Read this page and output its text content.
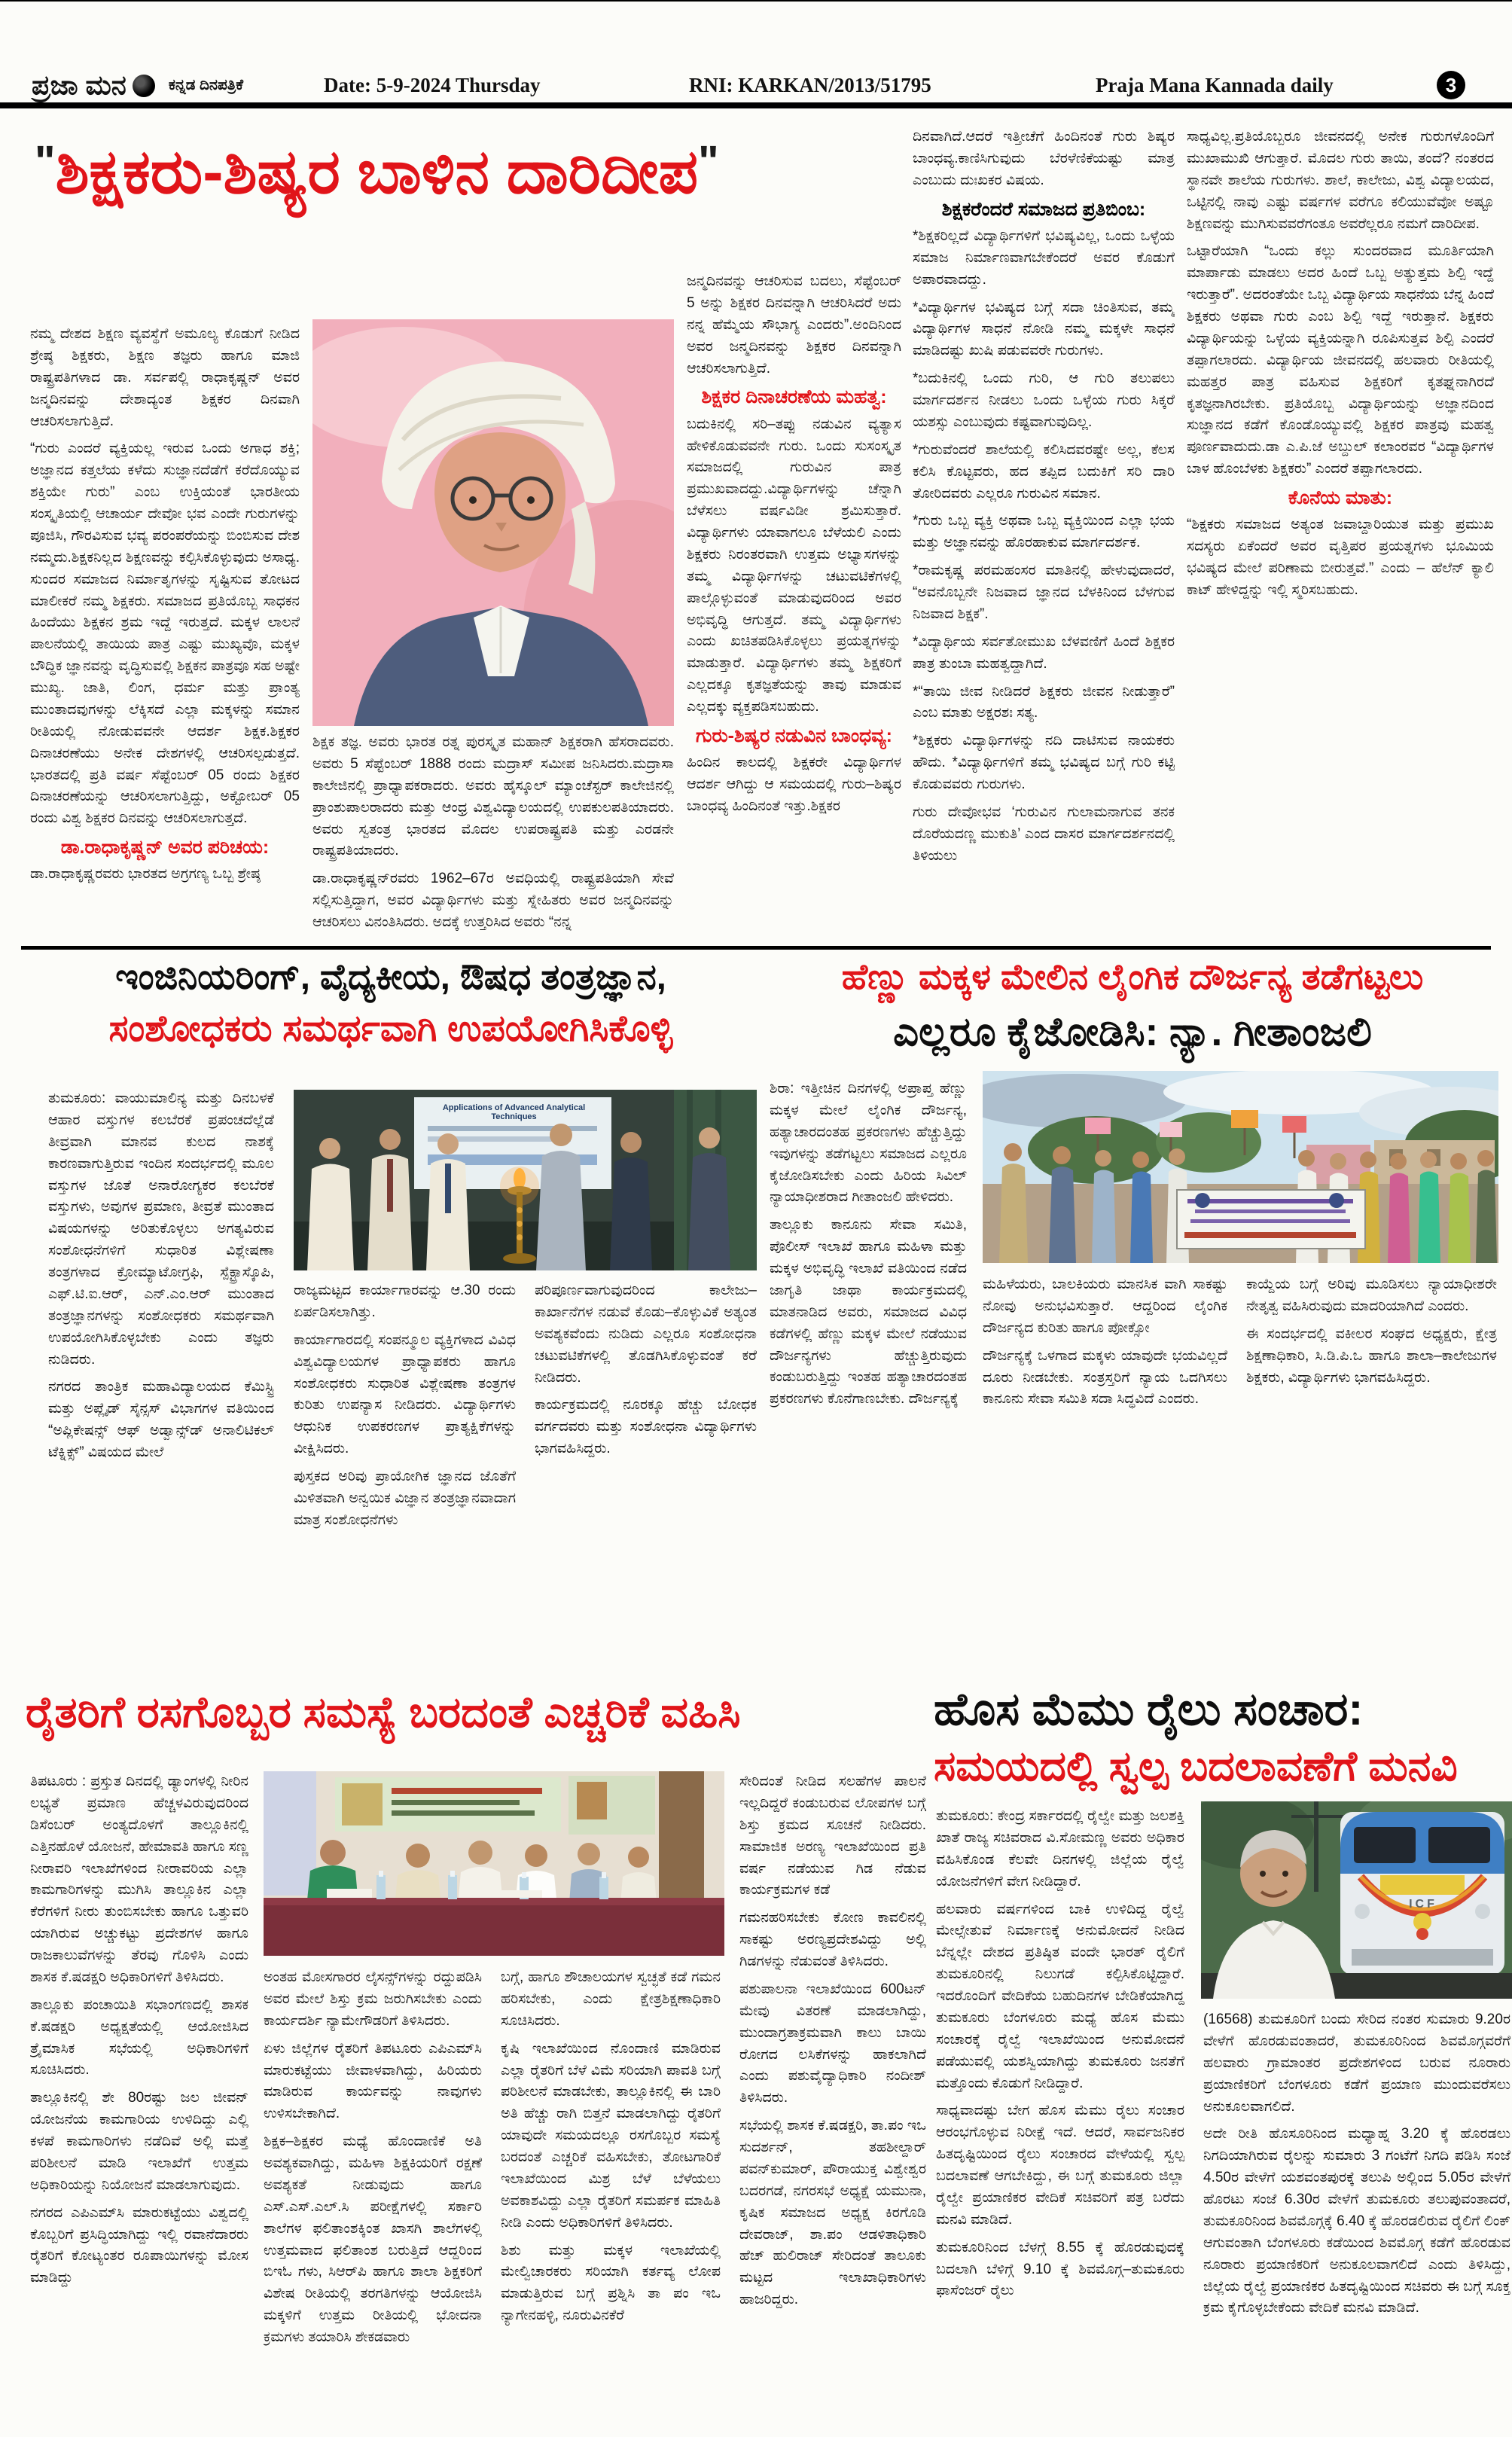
ಪ್ರಜಾ ಮನ	ಕನ್ನಡ ದಿನಪತ್ರಿಕೆ	Date: 5-9-2024 Thursday	RNI: KARKAN/2013/51795	Praja Mana Kannada daily	3
"ಶಿಕ್ಷಕರು-ಶಿಷ್ಯರ ಬಾಳಿನ ದಾರಿದೀಪ"

ನಮ್ಮ ದೇಶದ ಶಿಕ್ಷಣ ವ್ಯವಸ್ಥೆಗೆ ಅಮೂಲ್ಯ ಕೊಡುಗೆ ನೀಡಿದ ಶ್ರೇಷ್ಠ ಶಿಕ್ಷಕರು, ಶಿಕ್ಷಣ ತಜ್ಞರು ಹಾಗೂ ಮಾಜಿ ರಾಷ್ಟ್ರಪತಿಗಳಾದ ಡಾ. ಸರ್ವಪಲ್ಲಿ ರಾಧಾಕೃಷ್ಣನ್ ಅವರ ಜನ್ಮದಿನವನ್ನು ದೇಶಾದ್ಯಂತ ಶಿಕ್ಷಕರ ದಿನವಾಗಿ ಆಚರಿಸಲಾಗುತ್ತಿದೆ.

“ಗುರು ಎಂದರೆ ವ್ಯಕ್ತಿಯಲ್ಲ ಇರುವ ಒಂದು ಅಗಾಧ ಶಕ್ತಿ; ಅಜ್ಞಾನದ ಕತ್ತಲೆಯ ಕಳೆದು ಸುಜ್ಞಾನದೆಡೆಗೆ ಕರೆದೊಯ್ಯುವ ಶಕ್ತಿಯೇ ಗುರು” ಎಂಬ ಉಕ್ತಿಯಂತೆ ಭಾರತೀಯ ಸಂಸ್ಕೃತಿಯಲ್ಲಿ ಆಚಾರ್ಯ ದೇವೋ ಭವ ಎಂದೇ ಗುರುಗಳನ್ನು ಪೂಜಿಸಿ, ಗೌರವಿಸುವ ಭವ್ಯ ಪರಂಪರೆಯನ್ನು ಬಿಂಬಿಸುವ ದೇಶ ನಮ್ಮದು.ಶಿಕ್ಷಕನಿಲ್ಲದ ಶಿಕ್ಷಣವನ್ನು ಕಲ್ಪಿಸಿಕೊಳ್ಳುವುದು ಅಸಾಧ್ಯ. ಸುಂದರ ಸಮಾಜದ ನಿರ್ಮಾತೃಗಳನ್ನು ಸೃಷ್ಟಿಸುವ ತೋಟದ ಮಾಲೀಕರೆ ನಮ್ಮ ಶಿಕ್ಷಕರು. ಸಮಾಜದ ಪ್ರತಿಯೊಬ್ಬ ಸಾಧಕನ ಹಿಂದೆಯು ಶಿಕ್ಷಕನ ಶ್ರಮ ಇದ್ದೆ ಇರುತ್ತದೆ. ಮಕ್ಕಳ ಲಾಲನೆ ಪಾಲನೆಯಲ್ಲಿ ತಾಯಿಯ ಪಾತ್ರ ಎಷ್ಟು ಮುಖ್ಯವೊ, ಮಕ್ಕಳ ಬೌದ್ಧಿಕ ಜ್ಞಾನವನ್ನು ವೃದ್ಧಿಸುವಲ್ಲಿ ಶಿಕ್ಷಕನ ಪಾತ್ರವೂ ಸಹ ಅಷ್ಟೇ ಮುಖ್ಯ. ಜಾತಿ, ಲಿಂಗ, ಧರ್ಮ ಮತ್ತು ಪ್ರಾಂತ್ಯ ಮುಂತಾದವುಗಳನ್ನು ಲೆಕ್ಕಿಸದೆ ಎಲ್ಲಾ ಮಕ್ಕಳನ್ನು ಸಮಾನ ರೀತಿಯಲ್ಲಿ ನೋಡುವವನೇ ಆದರ್ಶ ಶಿಕ್ಷಕ.ಶಿಕ್ಷಕರ ದಿನಾಚರಣೆಯು ಅನೇಕ ದೇಶಗಳಲ್ಲಿ ಆಚರಿಸಲ್ಪಡುತ್ತದೆ. ಭಾರತದಲ್ಲಿ ಪ್ರತಿ ವರ್ಷ ಸೆಪ್ಟೆಂಬರ್ 05 ರಂದು ಶಿಕ್ಷಕರ ದಿನಾಚರಣೆಯನ್ನು ಆಚರಿಸಲಾಗುತ್ತಿದ್ದು, ಅಕ್ಟೋಬರ್ 05 ರಂದು ವಿಶ್ವ ಶಿಕ್ಷಕರ ದಿನವನ್ನು ಆಚರಿಸಲಾಗುತ್ತದೆ.

ಡಾ.ರಾಧಾಕೃಷ್ಣನ್ ಅವರ ಪರಿಚಯ:

ಡಾ.ರಾಧಾಕೃಷ್ಣರವರು ಭಾರತದ ಅಗ್ರಗಣ್ಯ ಒಬ್ಬ ಶ್ರೇಷ್ಠ

ಶಿಕ್ಷಕ ತಜ್ಞ. ಅವರು ಭಾರತ ರತ್ನ ಪುರಸ್ಕೃತ ಮಹಾನ್ ಶಿಕ್ಷಕರಾಗಿ ಹೆಸರಾದವರು. ಅವರು 5 ಸೆಪ್ಟೆಂಬರ್ 1888 ರಂದು ಮದ್ರಾಸ್ ಸಮೀಪ ಜನಿಸಿದರು.ಮದ್ರಾಸಾ ಕಾಲೇಜಿನಲ್ಲಿ ಪ್ರಾಧ್ಯಾಪಕರಾದರು. ಅವರು ಹೈಸ್ಕೂಲ್ ಮ್ಯಾಂಚೆಸ್ಟರ್ ಕಾಲೇಜಿನಲ್ಲಿ ಪ್ರಾಂಶುಪಾಲರಾದರು ಮತ್ತು ಆಂಧ್ರ ವಿಶ್ವವಿದ್ಯಾಲಯದಲ್ಲಿ ಉಪಕುಲಪತಿಯಾದರು. ಅವರು ಸ್ವತಂತ್ರ ಭಾರತದ ಮೊದಲ ಉಪರಾಷ್ಟ್ರಪತಿ ಮತ್ತು ಎರಡನೇ ರಾಷ್ಟ್ರಪತಿಯಾದರು.

ಡಾ.ರಾಧಾಕೃಷ್ಣನ್‌ರವರು 1962–67ರ ಅವಧಿಯಲ್ಲಿ ರಾಷ್ಟ್ರಪತಿಯಾಗಿ ಸೇವೆ ಸಲ್ಲಿಸುತ್ತಿದ್ದಾಗ, ಅವರ ವಿದ್ಯಾರ್ಥಿಗಳು ಮತ್ತು ಸ್ನೇಹಿತರು ಅವರ ಜನ್ಮದಿನವನ್ನು ಆಚರಿಸಲು ವಿನಂತಿಸಿದರು. ಅದಕ್ಕೆ ಉತ್ತರಿಸಿದ ಅವರು “ನನ್ನ

ಜನ್ಮದಿನವನ್ನು ಆಚರಿಸುವ ಬದಲು, ಸೆಪ್ಟೆಂಬರ್ 5 ಅನ್ನು ಶಿಕ್ಷಕರ ದಿನವನ್ನಾಗಿ ಆಚರಿಸಿದರೆ ಅದು ನನ್ನ ಹೆಮ್ಮೆಯ ಸೌಭಾಗ್ಯ ಎಂದರು”.ಅಂದಿನಿಂದ ಅವರ ಜನ್ಮದಿನವನ್ನು ಶಿಕ್ಷಕರ ದಿನವನ್ನಾಗಿ ಆಚರಿಸಲಾಗುತ್ತಿದೆ.

ಶಿಕ್ಷಕರ ದಿನಾಚರಣೆಯ ಮಹತ್ವ:

ಬದುಕಿನಲ್ಲಿ ಸರಿ–ತಪ್ಪು ನಡುವಿನ ವ್ಯತ್ಯಾಸ ಹೇಳಿಕೊಡುವವನೇ ಗುರು. ಒಂದು ಸುಸಂಸ್ಕೃತ ಸಮಾಜದಲ್ಲಿ ಗುರುವಿನ ಪಾತ್ರ ಪ್ರಮುಖವಾದದ್ದು.ವಿದ್ಯಾರ್ಥಿಗಳನ್ನು ಚೆನ್ನಾಗಿ ಬೆಳೆಸಲು ವರ್ಷವಿಡೀ ಶ್ರಮಿಸುತ್ತಾರೆ. ವಿದ್ಯಾರ್ಥಿಗಳು ಯಾವಾಗಲೂ ಬೆಳೆಯಲಿ ಎಂದು ಶಿಕ್ಷಕರು ನಿರಂತರವಾಗಿ ಉತ್ತಮ ಅಭ್ಯಾಸಗಳನ್ನು ತಮ್ಮ ವಿದ್ಯಾರ್ಥಿಗಳನ್ನು ಚಟುವಟಿಕೆಗಳಲ್ಲಿ ಪಾಲ್ಗೊಳ್ಳುವಂತೆ ಮಾಡುವುದರಿಂದ ಅವರ ಅಭಿವೃದ್ಧಿ ಆಗುತ್ತದೆ. ತಮ್ಮ ವಿದ್ಯಾರ್ಥಿಗಳು ಎಂದು ಖಚಿತಪಡಿಸಿಕೊಳ್ಳಲು ಪ್ರಯತ್ನಗಳನ್ನು ಮಾಡುತ್ತಾರೆ. ವಿದ್ಯಾರ್ಥಿಗಳು ತಮ್ಮ ಶಿಕ್ಷಕರಿಗೆ ಎಲ್ಲದಕ್ಕೂ ಕೃತಜ್ಞತೆಯನ್ನು ತಾವು ಮಾಡುವ ಎಲ್ಲದಕ್ಕು ವ್ಯಕ್ತಪಡಿಸಬಹುದು.

ಗುರು-ಶಿಷ್ಯರ ನಡುವಿನ ಬಾಂಧವ್ಯ:

ಹಿಂದಿನ ಕಾಲದಲ್ಲಿ ಶಿಕ್ಷಕರೇ ವಿದ್ಯಾರ್ಥಿಗಳ ಆದರ್ಶ ಆಗಿದ್ದು ಆ ಸಮಯದಲ್ಲಿ ಗುರು–ಶಿಷ್ಯರ ಬಾಂಧವ್ಯ ಹಿಂದಿನಂತೆ ಇತ್ತು.ಶಿಕ್ಷಕರ

ದಿನವಾಗಿದೆ.ಆದರೆ ಇತ್ತೀಚೆಗೆ ಹಿಂದಿನಂತೆ ಗುರು ಶಿಷ್ಯರ ಬಾಂಧವ್ಯ.ಕಾಣಿಸಿಗುವುದು ಬೆರಳೆಣಿಕೆಯಷ್ಟು ಮಾತ್ರ ಎಂಬುದು ದುಃಖಕರ ವಿಷಯ.

ಶಿಕ್ಷಕರೆಂದರೆ ಸಮಾಜದ ಪ್ರತಿಬಿಂಬ:

*ಶಿಕ್ಷಕರಿಲ್ಲದೆ ವಿದ್ಯಾರ್ಥಿಗಳಿಗೆ ಭವಿಷ್ಯವಿಲ್ಲ, ಒಂದು ಒಳ್ಳೆಯ ಸಮಾಜ ನಿರ್ಮಾಣವಾಗಬೇಕೆಂದರೆ ಅವರ ಕೊಡುಗೆ ಅಪಾರವಾದದ್ದು.

*ವಿದ್ಯಾರ್ಥಿಗಳ ಭವಿಷ್ಯದ ಬಗ್ಗೆ ಸದಾ ಚಿಂತಿಸುವ, ತಮ್ಮ ವಿದ್ಯಾರ್ಥಿಗಳ ಸಾಧನೆ ನೋಡಿ ನಮ್ಮ ಮಕ್ಕಳೇ ಸಾಧನೆ ಮಾಡಿದಷ್ಟು ಖುಷಿ ಪಡುವವರೇ ಗುರುಗಳು.

*ಬದುಕಿನಲ್ಲಿ ಒಂದು ಗುರಿ, ಆ ಗುರಿ ತಲುಪಲು ಮಾರ್ಗದರ್ಶನ ನೀಡಲು ಒಂದು ಒಳ್ಳೆಯ ಗುರು ಸಿಕ್ಕರೆ ಯಶಸ್ಸು ಎಂಬುವುದು ಕಷ್ಟವಾಗುವುದಿಲ್ಲ.

*ಗುರುವೆಂದರೆ ಶಾಲೆಯಲ್ಲಿ ಕಲಿಸಿದವರಷ್ಟೇ ಅಲ್ಲ, ಕೆಲಸ ಕಲಿಸಿ ಕೊಟ್ಟವರು, ಹದ ತಪ್ಪಿದ ಬದುಕಿಗೆ ಸರಿ ದಾರಿ ತೋರಿದವರು ಎಲ್ಲರೂ ಗುರುವಿನ ಸಮಾನ.

*ಗುರು ಒಬ್ಬ ವ್ಯಕ್ತಿ ಅಥವಾ ಒಬ್ಬ ವ್ಯಕ್ತಿಯಿಂದ ಎಲ್ಲಾ ಭಯ ಮತ್ತು ಅಜ್ಞಾನವನ್ನು ಹೊರಹಾಕುವ ಮಾರ್ಗದರ್ಶಕ.

*ರಾಮಕೃಷ್ಣ ಪರಮಹಂಸರ ಮಾತಿನಲ್ಲಿ ಹೇಳುವುದಾದರೆ, “ಅವನೊಬ್ಬನೇ ನಿಜವಾದ ಜ್ಞಾನದ ಬೆಳಕಿನಿಂದ ಬೆಳಗುವ ನಿಜವಾದ ಶಿಕ್ಷಕ”.

*ವಿದ್ಯಾರ್ಥಿಯ ಸರ್ವತೋಮುಖ ಬೆಳವಣಿಗೆ ಹಿಂದೆ ಶಿಕ್ಷಕರ ಪಾತ್ರ ತುಂಬಾ ಮಹತ್ವದ್ದಾಗಿದೆ.

*“ತಾಯಿ ಜೀವ ನೀಡಿದರೆ ಶಿಕ್ಷಕರು ಜೀವನ ನೀಡುತ್ತಾರೆ” ಎಂಬ ಮಾತು ಅಕ್ಷರಶಃ ಸತ್ಯ.

*ಶಿಕ್ಷಕರು ವಿದ್ಯಾರ್ಥಿಗಳನ್ನು ನದಿ ದಾಟಿಸುವ ನಾಯಕರು ಹೌದು. *ವಿದ್ಯಾರ್ಥಿಗಳಿಗೆ ತಮ್ಮ ಭವಿಷ್ಯದ ಬಗ್ಗೆ ಗುರಿ ಕಟ್ಟಿ ಕೊಡುವವರು ಗುರುಗಳು.

ಗುರು ದೇವೋಭವ ‘ಗುರುವಿನ ಗುಲಾಮನಾಗುವ ತನಕ ದೊರೆಯದಣ್ಣ ಮುಕುತಿ’ ಎಂದ ದಾಸರ ಮಾರ್ಗದರ್ಶನದಲ್ಲಿ ತಿಳಿಯಲು

ಸಾಧ್ಯವಿಲ್ಲ.ಪ್ರತಿಯೊಬ್ಬರೂ ಜೀವನದಲ್ಲಿ ಅನೇಕ ಗುರುಗಳೊಂದಿಗೆ ಮುಖಾಮುಖಿ ಆಗುತ್ತಾರೆ. ಮೊದಲ ಗುರು ತಾಯಿ, ತಂದೆ? ನಂತರದ ಸ್ಥಾನವೇ ಶಾಲೆಯ ಗುರುಗಳು. ಶಾಲೆ, ಕಾಲೇಜು, ವಿಶ್ವ ವಿದ್ಯಾಲಯದ, ಒಟ್ಟಿನಲ್ಲಿ ನಾವು ಎಷ್ಟು ವರ್ಷಗಳ ವರೆಗೂ ಕಲಿಯುವೆವೋ ಅಷ್ಟೂ ಶಿಕ್ಷಣವನ್ನು ಮುಗಿಸುವವರೆಗಂತೂ ಅವರೆಲ್ಲರೂ ನಮಗೆ ದಾರಿದೀಪ.

ಒಟ್ಟಾರೆಯಾಗಿ “ಒಂದು ಕಲ್ಲು ಸುಂದರವಾದ ಮೂರ್ತಿಯಾಗಿ ಮಾರ್ಪಾಡು ಮಾಡಲು ಅದರ ಹಿಂದೆ ಒಬ್ಬ ಅತ್ಯುತ್ತಮ ಶಿಲ್ಪಿ ಇದ್ದೆ ಇರುತ್ತಾರೆ”. ಅದರಂತೆಯೇ ಒಬ್ಬ ವಿದ್ಯಾರ್ಥಿಯ ಸಾಧನೆಯ ಬೆನ್ನ ಹಿಂದೆ ಶಿಕ್ಷಕರು ಅಥವಾ ಗುರು ಎಂಬ ಶಿಲ್ಪಿ ಇದ್ದೆ ಇರುತ್ತಾನೆ. ಶಿಕ್ಷಕರು ವಿದ್ಯಾರ್ಥಿಯನ್ನು ಒಳ್ಳೆಯ ವ್ಯಕ್ತಿಯನ್ನಾಗಿ ರೂಪಿಸುತ್ತವ ಶಿಲ್ಪಿ ಎಂದರೆ ತಪ್ಪಾಗಲಾರದು. ವಿದ್ಯಾರ್ಥಿಯ ಜೀವನದಲ್ಲಿ ಹಲವಾರು ರೀತಿಯಲ್ಲಿ ಮಹತ್ತರ ಪಾತ್ರ ವಹಿಸುವ ಶಿಕ್ಷಕರಿಗೆ ಕೃತಘ್ನನಾಗಿರದೆ ಕೃತಜ್ಞನಾಗಿರಬೇಕು. ಪ್ರತಿಯೊಬ್ಬ ವಿದ್ಯಾರ್ಥಿಯನ್ನು ಅಜ್ಞಾನದಿಂದ ಸುಜ್ಞಾನದ ಕಡೆಗೆ ಕೊಂಡೊಯ್ಯುವಲ್ಲಿ ಶಿಕ್ಷಕರ ಪಾತ್ರವು ಮಹತ್ವ ಪೂರ್ಣವಾದುದು.ಡಾ ಎ.ಪಿ.ಜೆ ಅಬ್ದುಲ್ ಕಲಾಂರವರ “ವಿದ್ಯಾರ್ಥಿಗಳ ಬಾಳ ಹೊಂಬೆಳಕು ಶಿಕ್ಷಕರು” ಎಂದರೆ ತಪ್ಪಾಗಲಾರದು.

ಕೊನೆಯ ಮಾತು:

“ಶಿಕ್ಷಕರು ಸಮಾಜದ ಅತ್ಯಂತ ಜವಾಬ್ದಾರಿಯುತ ಮತ್ತು ಪ್ರಮುಖ ಸದಸ್ಯರು ಏಕೆಂದರೆ ಅವರ ವೃತ್ತಿಪರ ಪ್ರಯತ್ನಗಳು ಭೂಮಿಯ ಭವಿಷ್ಯದ ಮೇಲೆ ಪರಿಣಾಮ ಬೀರುತ್ತವೆ.” ಎಂದು – ಹೆಲೆನ್ ಕ್ಯಾಲಿ ಕಾಟ್ ಹೇಳಿದ್ದನ್ನು ಇಲ್ಲಿ ಸ್ಮರಿಸಬಹುದು.

ಇಂಜಿನಿಯರಿಂಗ್, ವೈದ್ಯಕೀಯ, ಔಷಧ ತಂತ್ರಜ್ಞಾನ,
ಸಂಶೋಧಕರು ಸಮರ್ಥವಾಗಿ ಉಪಯೋಗಿಸಿಕೊಳ್ಳಿ
Applications of Advanced Analytical Techniques

ತುಮಕೂರು: ವಾಯುಮಾಲಿನ್ಯ ಮತ್ತು ದಿನಬಳಕೆ ಆಹಾರ ವಸ್ತುಗಳ ಕಲಬೆರಕೆ ಪ್ರಪಂಚದೆಲ್ಲೆಡೆ ತೀವ್ರವಾಗಿ ಮಾನವ ಕುಲದ ನಾಶಕ್ಕೆ ಕಾರಣವಾಗುತ್ತಿರುವ ಇಂದಿನ ಸಂದರ್ಭದಲ್ಲಿ ಮೂಲ ವಸ್ತುಗಳ ಜೊತೆ ಅನಾರೋಗ್ಯಕರ ಕಲಬೆರಕೆ ವಸ್ತುಗಳು, ಅವುಗಳ ಪ್ರಮಾಣ, ತೀವ್ರತೆ ಮುಂತಾದ ವಿಷಯಗಳನ್ನು ಅರಿತುಕೊಳ್ಳಲು ಅಗತ್ಯವಿರುವ ಸಂಶೋಧನೆಗಳಿಗೆ ಸುಧಾರಿತ ವಿಶ್ಲೇಷಣಾ ತಂತ್ರಗಳಾದ ಕ್ರೋಮ್ಯಾಟೋಗ್ರಫಿ, ಸ್ಪೆಕ್ಟ್ರಾಸ್ಕೊಪಿ, ಎಫ್.ಟಿ.ಐ.ಆರ್, ಎನ್.ಎಂ.ಆರ್ ಮುಂತಾದ ತಂತ್ರಜ್ಞಾನಗಳನ್ನು ಸಂಶೋಧಕರು ಸಮರ್ಥವಾಗಿ ಉಪಯೋಗಿಸಿಕೊಳ್ಳಬೇಕು ಎಂದು ತಜ್ಞರು ನುಡಿದರು.

ನಗರದ ತಾಂತ್ರಿಕ ಮಹಾವಿದ್ಯಾಲಯದ ಕೆಮಿಸ್ಟ್ರಿ ಮತ್ತು ಅಪ್ಲೈಡ್ ಸೈನ್ಸಸ್ ವಿಭಾಗಗಳ ವತಿಯಿಂದ “ಅಪ್ಲಿಕೇಷನ್ಸ್ ಆಫ್ ಅಡ್ವಾನ್ಸ್‌ಡ್ ಅನಾಲಿಟಿಕಲ್ ಟೆಕ್ನಿಕ್ಸ್” ವಿಷಯದ ಮೇಲೆ

ರಾಜ್ಯಮಟ್ಟದ ಕಾರ್ಯಾಗಾರವನ್ನು ಆ.30 ರಂದು ಏರ್ಪಡಿಸಲಾಗಿತ್ತು.

ಕಾರ್ಯಾಗಾರದಲ್ಲಿ ಸಂಪನ್ಮೂಲ ವ್ಯಕ್ತಿಗಳಾದ ವಿವಿಧ ವಿಶ್ವವಿದ್ಯಾಲಯಗಳ ಪ್ರಾಧ್ಯಾಪಕರು ಹಾಗೂ ಸಂಶೋಧಕರು ಸುಧಾರಿತ ವಿಶ್ಲೇಷಣಾ ತಂತ್ರಗಳ ಕುರಿತು ಉಪನ್ಯಾಸ ನೀಡಿದರು. ವಿದ್ಯಾರ್ಥಿಗಳು ಆಧುನಿಕ ಉಪಕರಣಗಳ ಪ್ರಾತ್ಯಕ್ಷಿಕೆಗಳನ್ನು ವೀಕ್ಷಿಸಿದರು.

ಪುಸ್ತಕದ ಅರಿವು ಪ್ರಾಯೋಗಿಕ ಜ್ಞಾನದ ಜೊತೆಗೆ ಮಿಳಿತವಾಗಿ ಅನ್ವಯಿಕ ವಿಜ್ಞಾನ ತಂತ್ರಜ್ಞಾನವಾದಾಗ ಮಾತ್ರ ಸಂಶೋಧನೆಗಳು

ಪರಿಪೂರ್ಣವಾಗುವುದರಿಂದ ಕಾಲೇಜು–ಕಾರ್ಖಾನೆಗಳ ನಡುವೆ ಕೊಡು–ಕೊಳ್ಳುವಿಕೆ ಅತ್ಯಂತ ಅವಶ್ಯಕವೆಂದು ನುಡಿದು ಎಲ್ಲರೂ ಸಂಶೋಧನಾ ಚಟುವಟಿಕೆಗಳಲ್ಲಿ ತೊಡಗಿಸಿಕೊಳ್ಳುವಂತೆ ಕರೆ ನೀಡಿದರು.

ಕಾರ್ಯಕ್ರಮದಲ್ಲಿ ನೂರಕ್ಕೂ ಹೆಚ್ಚು ಬೋಧಕ ವರ್ಗದವರು ಮತ್ತು ಸಂಶೋಧನಾ ವಿದ್ಯಾರ್ಥಿಗಳು ಭಾಗವಹಿಸಿದ್ದರು.

ಹೆಣ್ಣು ಮಕ್ಕಳ ಮೇಲಿನ ಲೈಂಗಿಕ ದೌರ್ಜನ್ಯ ತಡೆಗಟ್ಟಲು
ಎಲ್ಲರೂ ಕೈಜೋಡಿಸಿ: ನ್ಯಾ. ಗೀತಾಂಜಲಿ

ಶಿರಾ: ಇತ್ತೀಚಿನ ದಿನಗಳಲ್ಲಿ ಅಪ್ರಾಪ್ತ ಹೆಣ್ಣು ಮಕ್ಕಳ ಮೇಲೆ ಲೈಂಗಿಕ ದೌರ್ಜನ್ಯ, ಹತ್ಯಾಚಾರದಂತಹ ಪ್ರಕರಣಗಳು ಹೆಚ್ಚುತ್ತಿದ್ದು ಇವುಗಳನ್ನು ತಡೆಗಟ್ಟಲು ಸಮಾಜದ ಎಲ್ಲರೂ ಕೈಜೋಡಿಸಬೇಕು ಎಂದು ಹಿರಿಯ ಸಿವಿಲ್ ನ್ಯಾಯಾಧೀಶರಾದ ಗೀತಾಂಜಲಿ ಹೇಳಿದರು.

ತಾಲ್ಲೂಕು ಕಾನೂನು ಸೇವಾ ಸಮಿತಿ, ಪೊಲೀಸ್ ಇಲಾಖೆ ಹಾಗೂ ಮಹಿಳಾ ಮತ್ತು ಮಕ್ಕಳ ಅಭಿವೃದ್ಧಿ ಇಲಾಖೆ ವತಿಯಿಂದ ನಡೆದ ಜಾಗೃತಿ ಜಾಥಾ ಕಾರ್ಯಕ್ರಮದಲ್ಲಿ ಮಾತನಾಡಿದ ಅವರು, ಸಮಾಜದ ವಿವಿಧ ಕಡೆಗಳಲ್ಲಿ ಹೆಣ್ಣು ಮಕ್ಕಳ ಮೇಲೆ ನಡೆಯುವ ದೌರ್ಜನ್ಯಗಳು ಹೆಚ್ಚುತ್ತಿರುವುದು ಕಂಡುಬರುತ್ತಿದ್ದು ಇಂತಹ ಹತ್ಯಾಚಾರದಂತಹ ಪ್ರಕರಣಗಳು ಕೊನೆಗಾಣಬೇಕು. ದೌರ್ಜನ್ಯಕ್ಕೆ

ಮಹಿಳೆಯರು, ಬಾಲಕಿಯರು ಮಾನಸಿಕ ವಾಗಿ ಸಾಕಷ್ಟು ನೋವು ಅನುಭವಿಸುತ್ತಾರೆ. ಆದ್ದರಿಂದ ಲೈಂಗಿಕ ದೌರ್ಜನ್ಯದ ಕುರಿತು ಹಾಗೂ ಪೋಕ್ಸೋ

ದೌರ್ಜನ್ಯಕ್ಕೆ ಒಳಗಾದ ಮಕ್ಕಳು ಯಾವುದೇ ಭಯವಿಲ್ಲದೆ ದೂರು ನೀಡಬೇಕು. ಸಂತ್ರಸ್ತರಿಗೆ ನ್ಯಾಯ ಒದಗಿಸಲು ಕಾನೂನು ಸೇವಾ ಸಮಿತಿ ಸದಾ ಸಿದ್ಧವಿದೆ ಎಂದರು.

ಕಾಯ್ದೆಯ ಬಗ್ಗೆ ಅರಿವು ಮೂಡಿಸಲು ನ್ಯಾಯಾಧೀಶರೇ ನೇತೃತ್ವ ವಹಿಸಿರುವುದು ಮಾದರಿಯಾಗಿದೆ ಎಂದರು.

ಈ ಸಂದರ್ಭದಲ್ಲಿ ವಕೀಲರ ಸಂಘದ ಅಧ್ಯಕ್ಷರು, ಕ್ಷೇತ್ರ ಶಿಕ್ಷಣಾಧಿಕಾರಿ, ಸಿ.ಡಿ.ಪಿ.ಒ ಹಾಗೂ ಶಾಲಾ–ಕಾಲೇಜುಗಳ ಶಿಕ್ಷಕರು, ವಿದ್ಯಾರ್ಥಿಗಳು ಭಾಗವಹಿಸಿದ್ದರು.

ರೈತರಿಗೆ ರಸಗೊಬ್ಬರ ಸಮಸ್ಯೆ ಬರದಂತೆ ಎಚ್ಚರಿಕೆ ವಹಿಸಿ

ತಿಪಟೂರು : ಪ್ರಸ್ತುತ ದಿನದಲ್ಲಿ ಡ್ಯಾಂಗಳಲ್ಲಿ ನೀರಿನ ಲಭ್ಯತೆ ಪ್ರಮಾಣ ಹೆಚ್ಚಳವಿರುವುದರಿಂದ ಡಿಸೆಂಬರ್ ಅಂತ್ಯದೊಳಗೆ ತಾಲ್ಲೂಕಿನಲ್ಲಿ ಎತ್ತಿನಹೊಳೆ ಯೋಜನೆ, ಹೇಮಾವತಿ ಹಾಗೂ ಸಣ್ಣ ನೀರಾವರಿ ಇಲಾಖೆಗಳಿಂದ ನೀರಾವರಿಯ ಎಲ್ಲಾ ಕಾಮಗಾರಿಗಳನ್ನು ಮುಗಿಸಿ ತಾಲ್ಲೂಕಿನ ಎಲ್ಲಾ ಕೆರೆಗಳಿಗೆ ನೀರು ತುಂಬಿಸಬೇಕು ಹಾಗೂ ಒತ್ತುವರಿ ಯಾಗಿರುವ ಅಚ್ಚುಕಟ್ಟು ಪ್ರದೇಶಗಳ ಹಾಗೂ ರಾಜಕಾಲುವೆಗಳನ್ನು ತೆರವು ಗೊಳಿಸಿ ಎಂದು ಶಾಸಕ ಕೆ.ಷಡಕ್ಷರಿ ಅಧಿಕಾರಿಗಳಿಗೆ ತಿಳಿಸಿದರು.

ತಾಲ್ಲೂಕು ಪಂಚಾಯಿತಿ ಸಭಾಂಗಣದಲ್ಲಿ ಶಾಸಕ ಕೆ.ಷಡಕ್ಷರಿ ಅಧ್ಯಕ್ಷತೆಯಲ್ಲಿ ಆಯೋಜಿಸಿದ ತ್ರೈಮಾಸಿಕ ಸಭೆಯಲ್ಲಿ ಅಧಿಕಾರಿಗಳಿಗೆ ಸೂಚಿಸಿದರು.

ತಾಲ್ಲೂಕಿನಲ್ಲಿ ಶೇ 80ರಷ್ಟು ಜಲ ಜೀವನ್ ಯೋಜನೆಯ ಕಾಮಗಾರಿಯ ಉಳಿದಿದ್ದು ಎಲ್ಲಿ ಕಳಪೆ ಕಾಮಗಾರಿಗಳು ನಡೆದಿವೆ ಅಲ್ಲಿ ಮತ್ತೆ ಪರಿಶೀಲನೆ ಮಾಡಿ ಇಲಾಖೆಗೆ ಉತ್ತಮ ಅಧಿಕಾರಿಯನ್ನು ನಿಯೋಜನೆ ಮಾಡಲಾಗುವುದು.

ನಗರದ ಎಪಿಎಮ್‌ಸಿ ಮಾರುಕಟ್ಟೆಯು ವಿಶ್ವದಲ್ಲಿ ಕೊಬ್ಬರಿಗೆ ಪ್ರಸಿದ್ಧಿಯಾಗಿದ್ದು ಇಲ್ಲಿ ರವಾನೆದಾರರು ರೈತರಿಗೆ ಕೋಟ್ಯಂತರ ರೂಪಾಯಿಗಳನ್ನು ಮೋಸ ಮಾಡಿದ್ದು

ಅಂತಹ ಮೋಸಗಾರರ ಲೈಸನ್ಸ್‌ಗಳನ್ನು ರದ್ದುಪಡಿಸಿ ಅವರ ಮೇಲೆ ಶಿಸ್ತು ಕ್ರಮ ಜರುಗಿಸಬೇಕು ಎಂದು ಕಾರ್ಯದರ್ಶಿ ನ್ಯಾಮೇಗೌಡರಿಗೆ ತಿಳಿಸಿದರು.

ಏಳು ಜಿಲ್ಲೆಗಳ ರೈತರಿಗೆ ತಿಪಟೂರು ಎಪಿಎಮ್‌ಸಿ ಮಾರುಕಟ್ಟೆಯು ಜೀವಾಳವಾಗಿದ್ದು, ಹಿರಿಯರು ಮಾಡಿರುವ ಕಾರ್ಯವನ್ನು ನಾವುಗಳು ಉಳಿಸಬೇಕಾಗಿದೆ.

ಶಿಕ್ಷಕ–ಶಿಕ್ಷಕರ ಮಧ್ಯೆ ಹೊಂದಾಣಿಕೆ ಅತಿ ಅವಶ್ಯಕವಾಗಿದ್ದು, ಮಹಿಳಾ ಶಿಕ್ಷಕಿಯರಿಗೆ ರಕ್ಷಣೆ ಅವಶ್ಯಕತೆ ನೀಡುವುದು ಹಾಗೂ ಎಸ್.ಎಸ್.ಎಲ್.ಸಿ ಪರೀಕ್ಷೆಗಳಲ್ಲಿ ಸರ್ಕಾರಿ ಶಾಲೆಗಳ ಫಲಿತಾಂಶಕ್ಕಿಂತ ಖಾಸಗಿ ಶಾಲೆಗಳಲ್ಲಿ ಉತ್ತಮವಾದ ಫಲಿತಾಂಶ ಬರುತ್ತಿದೆ ಆದ್ದರಿಂದ ಬಿಇಓ ಗಳು, ಸಿಆರ್‌ಪಿ ಹಾಗೂ ಶಾಲಾ ಶಿಕ್ಷಕರಿಗೆ ವಿಶೇಷ ರೀತಿಯಲ್ಲಿ ತರಗತಿಗಳನ್ನು ಆಯೋಜಿಸಿ ಮಕ್ಕಳಿಗೆ ಉತ್ತಮ ರೀತಿಯಲ್ಲಿ ಭೋದನಾ ಕ್ರಮಗಳು ತಯಾರಿಸಿ ಶೇಕಡವಾರು

ಬಗ್ಗೆ, ಹಾಗೂ ಶೌಚಾಲಯಗಳ ಸ್ವಚ್ಛತೆ ಕಡೆ ಗಮನ ಹರಿಸಬೇಕು, ಎಂದು ಕ್ಷೇತ್ರಶಿಕ್ಷಣಾಧಿಕಾರಿ ಸೂಚಿಸಿದರು.

ಕೃಷಿ ಇಲಾಖೆಯಿಂದ ನೊಂದಾಣಿ ಮಾಡಿರುವ ಎಲ್ಲಾ ರೈತರಿಗೆ ಬೆಳೆ ವಿಮೆ ಸರಿಯಾಗಿ ಪಾವತಿ ಬಗ್ಗೆ ಪರಿಶೀಲನೆ ಮಾಡಬೇಕು, ತಾಲ್ಲೂಕಿನಲ್ಲಿ ಈ ಬಾರಿ ಅತಿ ಹೆಚ್ಚು ರಾಗಿ ಬಿತ್ತನೆ ಮಾಡಲಾಗಿದ್ದು ರೈತರಿಗೆ ಯಾವುದೇ ಸಮಯದಲ್ಲೂ ರಸಗೊಬ್ಬರ ಸಮಸ್ಯೆ ಬರದಂತೆ ಎಚ್ಚರಿಕೆ ವಹಿಸಬೇಕು, ತೋಟಗಾರಿಕೆ ಇಲಾಖೆಯಿಂದ ಮಿಶ್ರ ಬೆಳೆ ಬೆಳೆಯಲು ಅವಕಾಶವಿದ್ದು ಎಲ್ಲಾ ರೈತರಿಗೆ ಸಮರ್ಪಕ ಮಾಹಿತಿ ನೀಡಿ ಎಂದು ಅಧಿಕಾರಿಗಳಿಗೆ ತಿಳಿಸಿದರು.

ಶಿಶು ಮತ್ತು ಮಕ್ಕಳ ಇಲಾಖೆಯಲ್ಲಿ ಮೇಲ್ವಿಚಾರಕರು ಸರಿಯಾಗಿ ಕರ್ತವ್ಯ ಲೋಪ ಮಾಡುತ್ತಿರುವ ಬಗ್ಗೆ ಪ್ರಶ್ನಿಸಿ ತಾ ಪಂ ಇಒ ನ್ಯಾಗೇನಹಳ್ಳಿ, ನೂರುವಿನಕೆರೆ

ಸೇರಿದಂತೆ ನೀಡಿದ ಸಲಹೆಗಳ ಪಾಲನೆ ಇಲ್ಲದಿದ್ದರೆ ಕಂಡುಬರುವ ಲೋಪಗಳ ಬಗ್ಗೆ ಶಿಸ್ತು ಕ್ರಮದ ಸೂಚನೆ ನೀಡಿದರು. ಸಾಮಾಜಿಕ ಅರಣ್ಯ ಇಲಾಖೆಯಿಂದ ಪ್ರತಿ ವರ್ಷ ನಡೆಯುವ ಗಿಡ ನೆಡುವ ಕಾರ್ಯಕ್ರಮಗಳ ಕಡೆ

ಗಮನಹರಿಸಬೇಕು ಕೋಣ ಕಾವಲಿನಲ್ಲಿ ಸಾಕಷ್ಟು ಅರಣ್ಯಪ್ರದೇಶವಿದ್ದು ಅಲ್ಲಿ ಗಿಡಗಳನ್ನು ನೆಡುವಂತೆ ತಿಳಿಸಿದರು.

ಪಶುಪಾಲನಾ ಇಲಾಖೆಯಿಂದ 600ಟನ್ ಮೇವು ವಿತರಣೆ ಮಾಡಲಾಗಿದ್ದು, ಮುಂದಾಗ್ರತಾಕ್ರಮವಾಗಿ ಕಾಲು ಬಾಯಿ ರೋಗದ ಲಸಿಕೆಗಳನ್ನು ಹಾಕಲಾಗಿದೆ ಎಂದು ಪಶುವೈದ್ಯಾಧಿಕಾರಿ ನಂದೀಶ್ ತಿಳಿಸಿದರು.

ಸಭೆಯಲ್ಲಿ ಶಾಸಕ ಕೆ.ಷಡಕ್ಷರಿ, ತಾ.ಪಂ ಇಒ ಸುದರ್ಶನ್, ತಹಶೀಲ್ದಾರ್ ಪವನ್‌ಕುಮಾರ್, ಪೌರಾಯುಕ್ತ ವಿಶ್ವೇಶ್ವರ ಬದರಗಡೆ, ನಗರಸಭೆ ಅಧ್ಯಕ್ಷೆ ಯಮುನಾ, ಕೃಷಿಕ ಸಮಾಜದ ಅಧ್ಯಕ್ಷ ಕಿರಗೊಡಿ ದೇವರಾಜ್, ಶಾ.ಪಂ ಆಡಳಿತಾಧಿಕಾರಿ ಹೆಚ್ ಹುಲಿರಾಜ್ ಸೇರಿದಂತೆ ತಾಲೂಕು ಮಟ್ಟದ ಇಲಾಖಾಧಿಕಾರಿಗಳು ಹಾಜರಿದ್ದರು.

ಹೊಸ ಮೆಮು ರೈಲು ಸಂಚಾರ:
ಸಮಯದಲ್ಲಿ ಸ್ವಲ್ಪ ಬದಲಾವಣೆಗೆ ಮನವಿ
ICF

ತುಮಕೂರು: ಕೇಂದ್ರ ಸರ್ಕಾರದಲ್ಲಿ ರೈಲ್ವೇ ಮತ್ತು ಜಲಶಕ್ತಿ ಖಾತೆ ರಾಜ್ಯ ಸಚಿವರಾದ ವಿ.ಸೋಮಣ್ಣ ಅವರು ಅಧಿಕಾರ ವಹಿಸಿಕೊಂಡ ಕೆಲವೇ ದಿನಗಳಲ್ಲಿ ಜಿಲ್ಲೆಯ ರೈಲ್ವೆ ಯೋಜನೆಗಳಿಗೆ ವೇಗ ನೀಡಿದ್ದಾರೆ.

ಹಲವಾರು ವರ್ಷಗಳಿಂದ ಬಾಕಿ ಉಳಿದಿದ್ದ ರೈಲ್ವೆ ಮೇಲ್ಸೇತುವೆ ನಿರ್ಮಾಣಕ್ಕೆ ಅನುಮೋದನೆ ನೀಡಿದ ಬೆನ್ನಲ್ಲೇ ದೇಶದ ಪ್ರತಿಷ್ಠಿತ ವಂದೇ ಭಾರತ್ ರೈಲಿಗೆ ತುಮಕೂರಿನಲ್ಲಿ ನಿಲುಗಡೆ ಕಲ್ಪಿಸಿಕೊಟ್ಟಿದ್ದಾರೆ. ಇದರೊಂದಿಗೆ ವೇದಿಕೆಯ ಬಹುದಿನಗಳ ಬೇಡಿಕೆಯಾಗಿದ್ದ ತುಮಕೂರು ಬೆಂಗಳೂರು ಮಧ್ಯೆ ಹೊಸ ಮೆಮು ಸಂಚಾರಕ್ಕೆ ರೈಲ್ವೆ ಇಲಾಖೆಯಿಂದ ಅನುಮೋದನೆ ಪಡೆಯುವಲ್ಲಿ ಯಶಸ್ವಿಯಾಗಿದ್ದು ತುಮಕೂರು ಜನತೆಗೆ ಮತ್ತೊಂದು ಕೊಡುಗೆ ನೀಡಿದ್ದಾರೆ.

ಸಾಧ್ಯವಾದಷ್ಟು ಬೇಗ ಹೊಸ ಮೆಮು ರೈಲು ಸಂಚಾರ ಆರಂಭಗೊಳ್ಳುವ ನಿರೀಕ್ಷೆ ಇದೆ. ಆದರೆ, ಸಾರ್ವಜನಿಕರ ಹಿತದೃಷ್ಟಿಯಿಂದ ರೈಲು ಸಂಚಾರದ ವೇಳೆಯಲ್ಲಿ ಸ್ವಲ್ಪ ಬದಲಾವಣೆ ಆಗಬೇಕಿದ್ದು, ಈ ಬಗ್ಗೆ ತುಮಕೂರು ಜಿಲ್ಲಾ ರೈಲ್ವೇ ಪ್ರಯಾಣಿಕರ ವೇದಿಕೆ ಸಚಿವರಿಗೆ ಪತ್ರ ಬರೆದು ಮನವಿ ಮಾಡಿದೆ.

ತುಮಕೂರಿನಿಂದ ಬೆಳಗ್ಗೆ 8.55 ಕ್ಕೆ ಹೊರಡುವುದಕ್ಕೆ ಬದಲಾಗಿ ಬೆಳಿಗ್ಗೆ 9.10 ಕ್ಕೆ ಶಿವಮೊಗ್ಗ–ತುಮಕೂರು ಫಾಸೆಂಜರ್ ರೈಲು

(16568) ತುಮಕೂರಿಗೆ ಬಂದು ಸೇರಿದ ನಂತರ ಸುಮಾರು 9.20ರ ವೇಳೆಗೆ ಹೊರಡುವಂತಾದರೆ, ತುಮಕೂರಿನಿಂದ ಶಿವಮೊಗ್ಗವರೆಗೆ ಹಲವಾರು ಗ್ರಾಮಾಂತರ ಪ್ರದೇಶಗಳಿಂದ ಬರುವ ನೂರಾರು ಪ್ರಯಾಣಿಕರಿಗೆ ಬೆಂಗಳೂರು ಕಡೆಗೆ ಪ್ರಯಾಣ ಮುಂದುವರೆಸಲು ಅನುಕೂಲವಾಗಲಿದೆ.

ಅದೇ ರೀತಿ ಹೊಸೂರಿನಿಂದ ಮಧ್ಯಾಹ್ನ 3.20 ಕ್ಕೆ ಹೊರಡಲು ನಿಗದಿಯಾಗಿರುವ ರೈಲನ್ನು ಸುಮಾರು 3 ಗಂಟೆಗೆ ನಿಗದಿ ಪಡಿಸಿ ಸಂಜೆ 4.50ರ ವೇಳೆಗೆ ಯಶವಂತಪುರಕ್ಕೆ ತಲುಪಿ ಅಲ್ಲಿಂದ 5.05ರ ವೇಳೆಗೆ ಹೊರಟು ಸಂಜೆ 6.30ರ ವೇಳೆಗೆ ತುಮಕೂರು ತಲುಪುವಂತಾದರೆ, ತುಮಕೂರಿನಿಂದ ಶಿವಮೊಗ್ಗಕ್ಕೆ 6.40 ಕ್ಕೆ ಹೊರಡಲಿರುವ ರೈಲಿಗೆ ಲಿಂಕ್ ಆಗುವಂತಾಗಿ ಬೆಂಗಳೂರು ಕಡೆಯಿಂದ ಶಿವಮೊಗ್ಗ ಕಡೆಗೆ ಹೊರಡುವ ನೂರಾರು ಪ್ರಯಾಣಿಕರಿಗೆ ಅನುಕೂಲವಾಗಲಿದೆ ಎಂದು ತಿಳಿಸಿದ್ದು, ಜಿಲ್ಲೆಯ ರೈಲ್ವೆ ಪ್ರಯಾಣಿಕರ ಹಿತದೃಷ್ಟಿಯಿಂದ ಸಚಿವರು ಈ ಬಗ್ಗೆ ಸೂಕ್ತ ಕ್ರಮ ಕೈಗೊಳ್ಳಬೇಕೆಂದು ವೇದಿಕೆ ಮನವಿ ಮಾಡಿದೆ.
